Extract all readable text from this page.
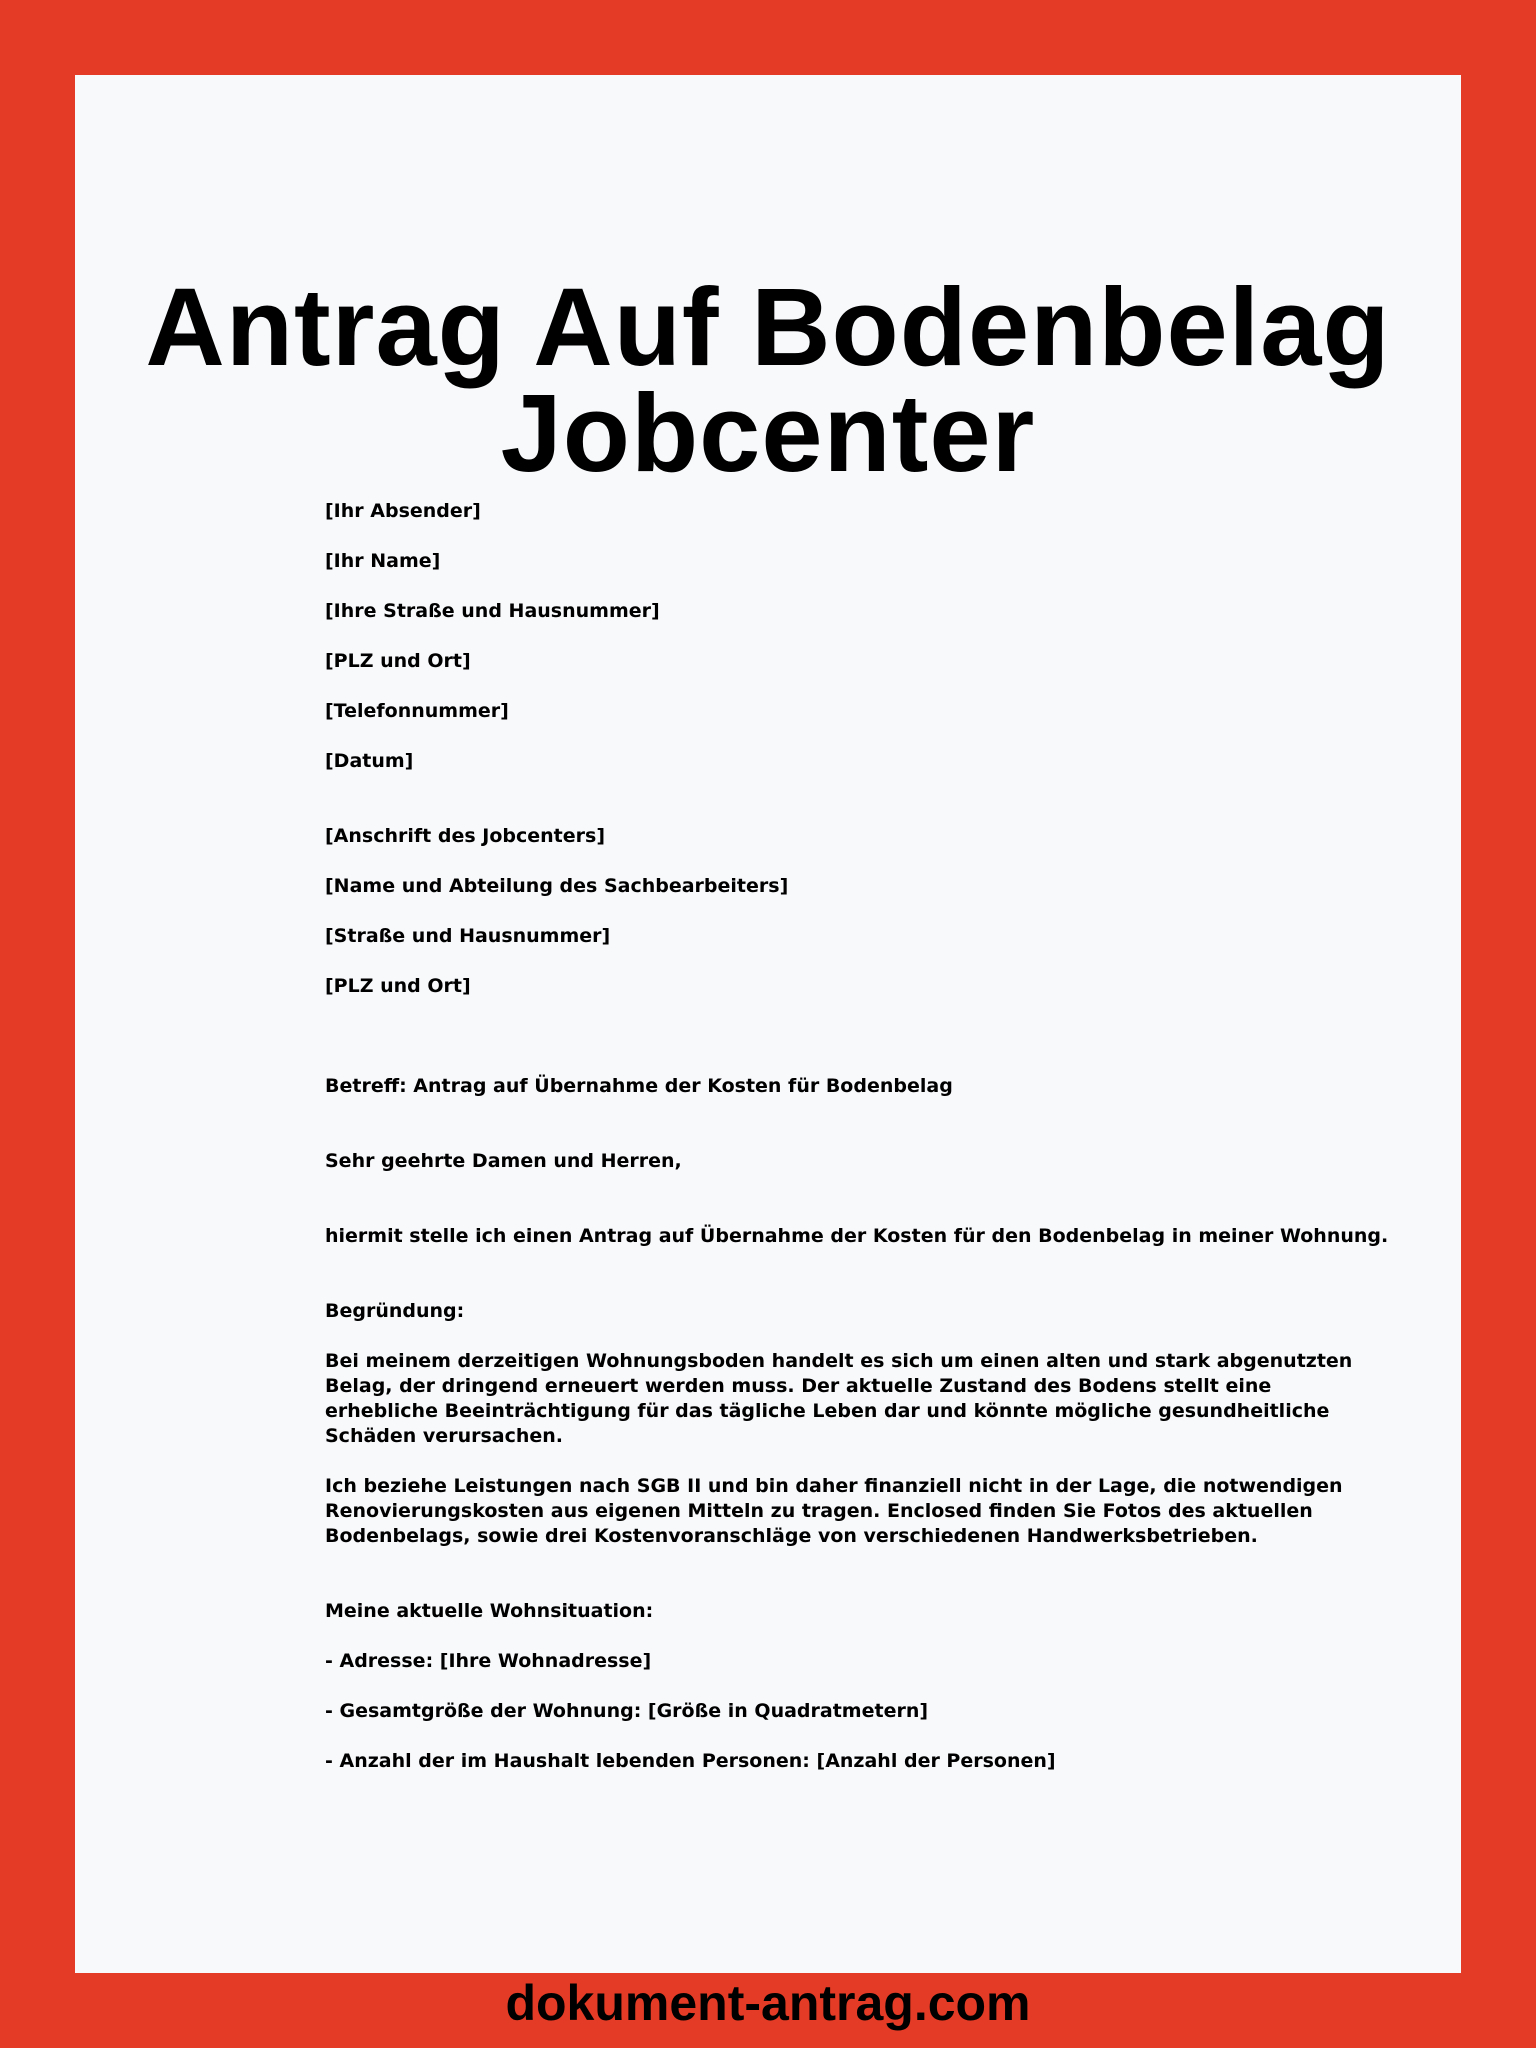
Antrag Auf Bodenbelag
Jobcenter

[Ihr Absender]

[Ihr Name]

[Ihre Straße und Hausnummer]

[PLZ und Ort]

[Telefonnummer]

[Datum]

[Anschrift des Jobcenters]

[Name und Abteilung des Sachbearbeiters]

[Straße und Hausnummer]

[PLZ und Ort]

Betreff: Antrag auf Übernahme der Kosten für Bodenbelag

Sehr geehrte Damen und Herren,

hiermit stelle ich einen Antrag auf Übernahme der Kosten für den Bodenbelag in meiner Wohnung.

Begründung:

Bei meinem derzeitigen Wohnungsboden handelt es sich um einen alten und stark abgenutzten Belag, der dringend erneuert werden muss. Der aktuelle Zustand des Bodens stellt eine erhebliche Beeinträchtigung für das tägliche Leben dar und könnte mögliche gesundheitliche Schäden verursachen.

Ich beziehe Leistungen nach SGB II und bin daher finanziell nicht in der Lage, die notwendigen Renovierungskosten aus eigenen Mitteln zu tragen. Enclosed finden Sie Fotos des aktuellen Bodenbelags, sowie drei Kostenvoranschläge von verschiedenen Handwerksbetrieben.

Meine aktuelle Wohnsituation:

- Adresse: [Ihre Wohnadresse]

- Gesamtgröße der Wohnung: [Größe in Quadratmetern]

- Anzahl der im Haushalt lebenden Personen: [Anzahl der Personen]

dokument-antrag.com
